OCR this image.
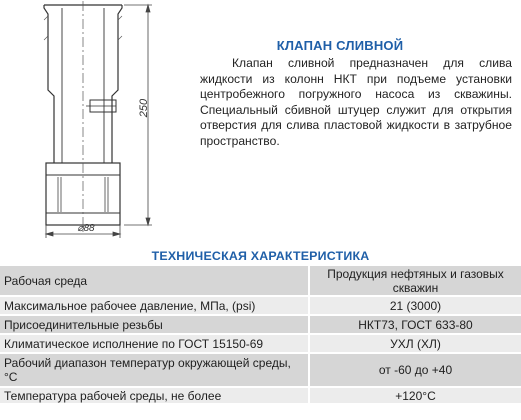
250
⌀88
КЛАПАН СЛИВНОЙ

Клапан сливной предназначен для слива жидкости из колонн НКТ при подъеме установки центробежного погружного насоса из скважины. Специальный сбивной штуцер служит для открытия отверстия для слива пластовой жидкости в затрубное пространство.

ТЕХНИЧЕСКАЯ ХАРАКТЕРИСТИКА
Рабочая среда	Продукция нефтяных и газовых скважин
Максимальное рабочее давление, МПа, (psi)	21 (3000)
Присоединительные резьбы	НКТ73, ГОСТ 633-80
Климатическое исполнение по ГОСТ 15150-69	УХЛ (ХЛ)
Рабочий диапазон температур окружающей среды, °С	от -60 до +40
Температура рабочей среды, не более	+120°С
